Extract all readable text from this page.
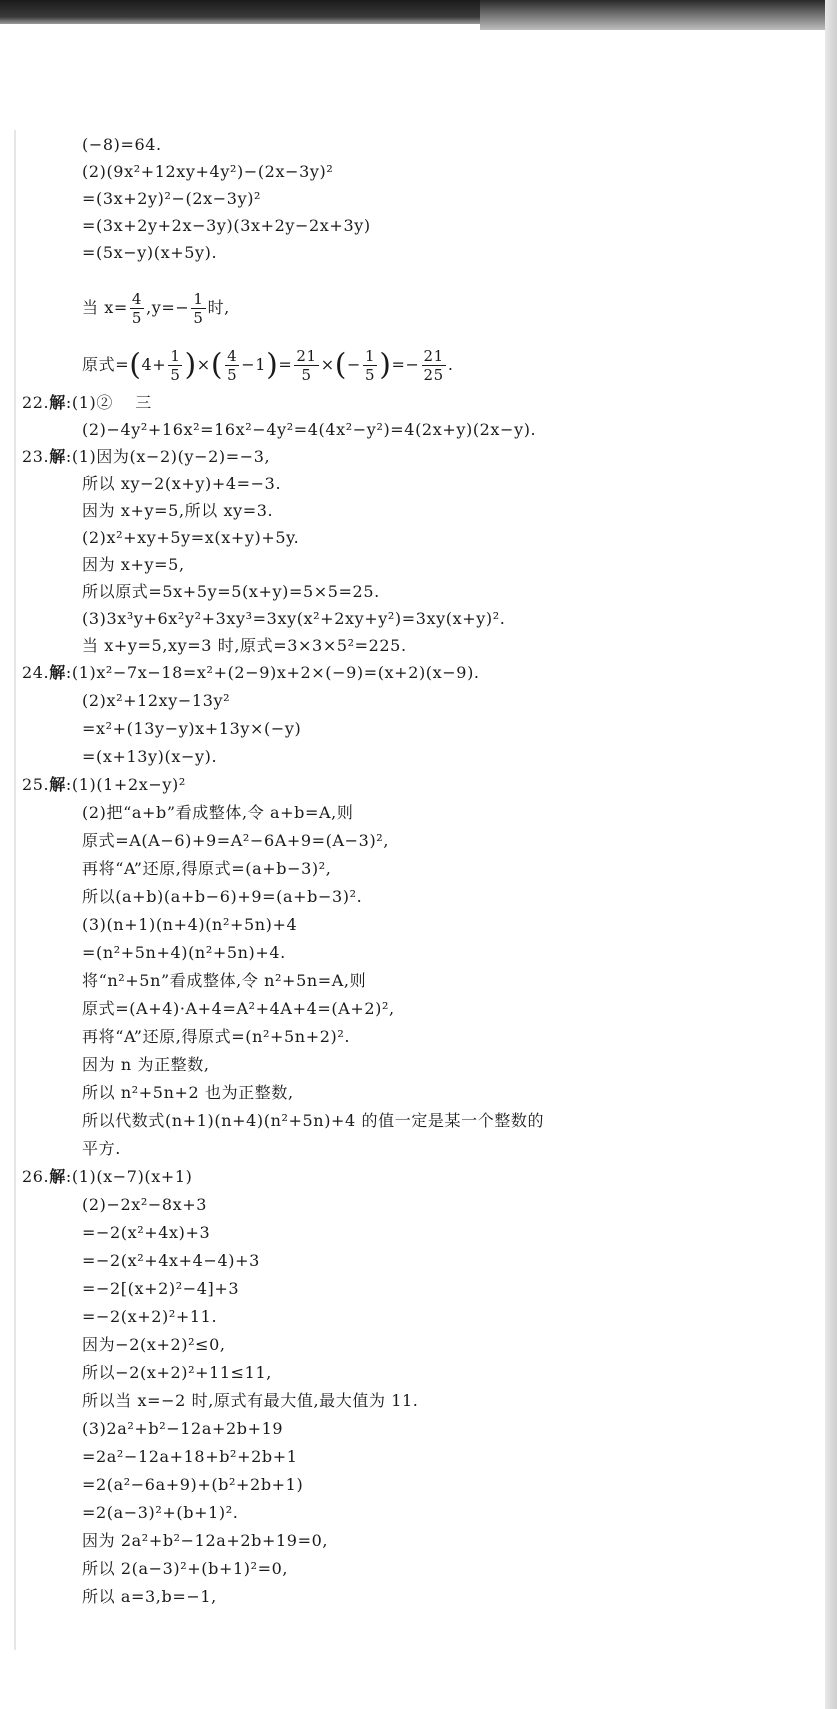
(−8)=64.
(2)(9x²+12xy+4y²)−(2x−3y)²
=(3x+2y)²−(2x−3y)²
=(3x+2y+2x−3y)(3x+2y−2x+3y)
=(5x−y)(x+5y).
当 $x= \frac{4}{5} ,y=- \frac{1}{5}$ 时,
原式$=(4+ \frac{1}{5}$ )×( $\frac{4}{5} -1)= \frac{21}{5}$ ×(− $\frac{1}{5}$ )=− $\frac{21}{25}$ .
22.解:(1)②　 三
(2)−4y²+16x²=16x²−4y²=4(4x²−y²)=4(2x+y)(2x−y).
23.解:(1)因为(x−2)(y−2)=−3,
所以 xy−2(x+y)+4=−3.
因为 x+y=5,所以 xy=3.
(2)x²+xy+5y=x(x+y)+5y.
因为 x+y=5,
所以原式=5x+5y=5(x+y)=5×5=25.
(3)3x³y+6x²y²+3xy³=3xy(x²+2xy+y²)=3xy(x+y)².
当 x+y=5,xy=3 时,原式=3×3×5²=225.
24.解:(1)x²−7x−18=x²+(2−9)x+2×(−9)=(x+2)(x−9).
(2)x²+12xy−13y²
=x²+(13y−y)x+13y×(−y)
=(x+13y)(x−y).
25.解:(1)(1+2x−y)²
(2)把“a+b”看成整体,令 a+b=A,则
原式=A(A−6)+9=A²−6A+9=(A−3)²,
再将“A”还原,得原式=(a+b−3)²,
所以(a+b)(a+b−6)+9=(a+b−3)².
(3)(n+1)(n+4)(n²+5n)+4
=(n²+5n+4)(n²+5n)+4.
将“n²+5n”看成整体,令 n²+5n=A,则
原式=(A+4)·A+4=A²+4A+4=(A+2)²,
再将“A”还原,得原式=(n²+5n+2)².
因为 n 为正整数,
所以 n²+5n+2 也为正整数,
所以代数式(n+1)(n+4)(n²+5n)+4 的值一定是某一个整数的
平方.
26.解:(1)(x−7)(x+1)
(2)−2x²−8x+3
=−2(x²+4x)+3
=−2(x²+4x+4−4)+3
=−2[(x+2)²−4]+3
=−2(x+2)²+11.
因为−2(x+2)²≤0,
所以−2(x+2)²+11≤11,
所以当 x=−2 时,原式有最大值,最大值为 11.
(3)2a²+b²−12a+2b+19
=2a²−12a+18+b²+2b+1
=2(a²−6a+9)+(b²+2b+1)
=2(a−3)²+(b+1)².
因为 2a²+b²−12a+2b+19=0,
所以 2(a−3)²+(b+1)²=0,
所以 a=3,b=−1,
